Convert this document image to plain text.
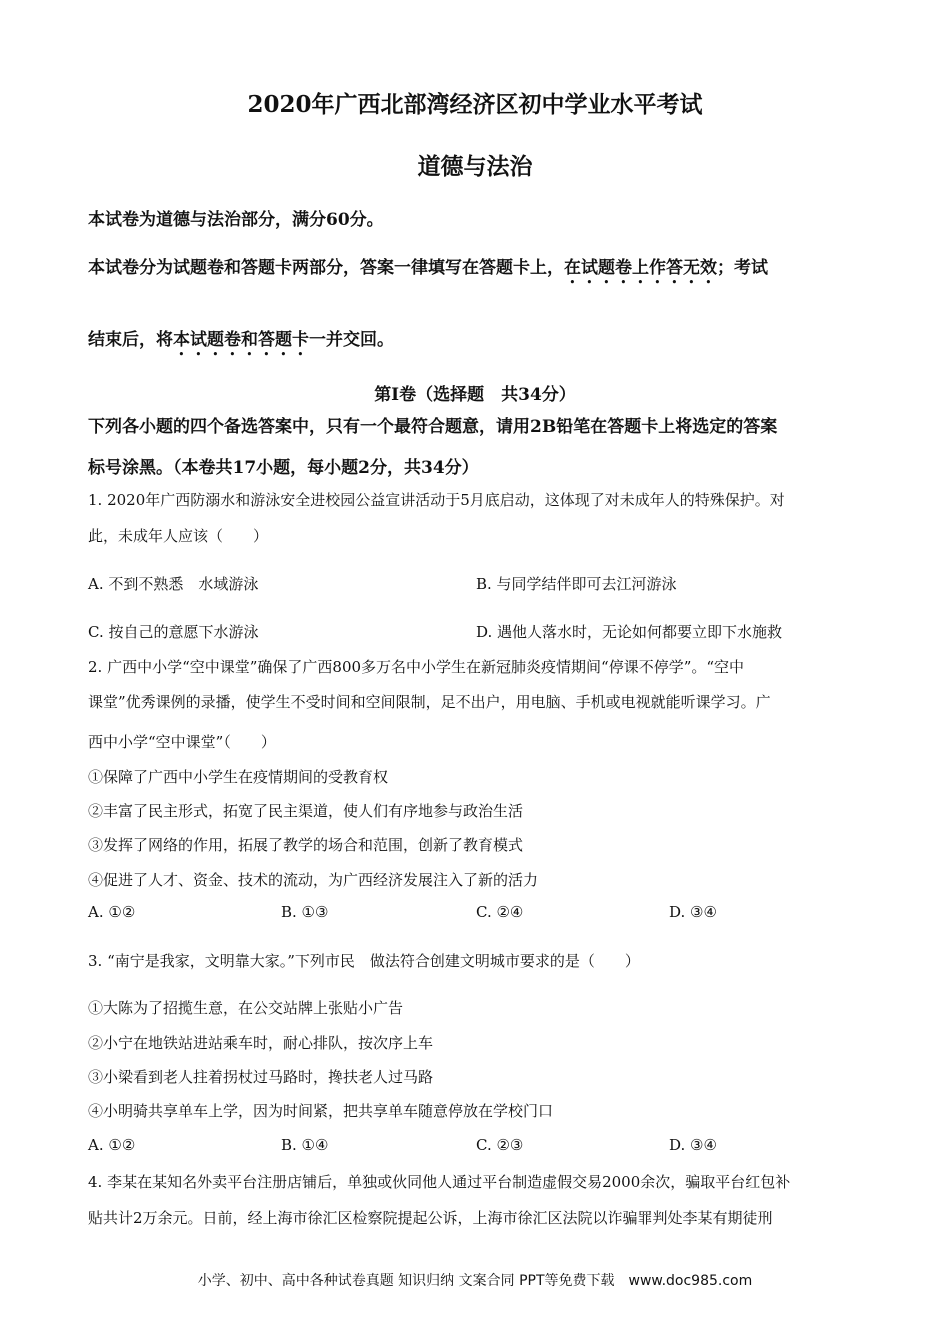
2020年广西北部湾经济区初中学业水平考试
道德与法治
本试卷为道德与法治部分，满分60分。
本试卷分为试题卷和答题卡两部分，答案一律填写在答题卡上，在试题卷上作答无效；考试
结束后，将本试题卷和答题卡一并交回。
第Ⅰ卷（选择题　共34分）
下列各小题的四个备选答案中，只有一个最符合题意，请用2B铅笔在答题卡上将选定的答案
标号涂黑。（本卷共17小题，每小题2分，共34分）
1. 2020年广西防溺水和游泳安全进校园公益宣讲活动于5月底启动，这体现了对未成年人的特殊保护。对
此，未成年人应该（　　）
A. 不到不熟悉　水域游泳	B. 与同学结伴即可去江河游泳
C. 按自己的意愿下水游泳	D. 遇他人落水时，无论如何都要立即下水施救
2. 广西中小学“空中课堂”确保了广西800多万名中小学生在新冠肺炎疫情期间“停课不停学”。“空中
课堂”优秀课例的录播，使学生不受时间和空间限制，足不出户，用电脑、手机或电视就能听课学习。广
西中小学“空中课堂”（　　）
①保障了广西中小学生在疫情期间的受教育权
②丰富了民主形式，拓宽了民主渠道，使人们有序地参与政治生活
③发挥了网络的作用，拓展了教学的场合和范围，创新了教育模式
④促进了人才、资金、技术的流动，为广西经济发展注入了新的活力
A. ①②	B. ①③	C. ②④	D. ③④
3. “南宁是我家，文明靠大家。”下列市民　做法符合创建文明城市要求的是（　　）
①大陈为了招揽生意，在公交站牌上张贴小广告
②小宁在地铁站进站乘车时，耐心排队，按次序上车
③小梁看到老人拄着拐杖过马路时，搀扶老人过马路
④小明骑共享单车上学，因为时间紧，把共享单车随意停放在学校门口
A. ①②	B. ①④	C. ②③	D. ③④
4. 李某在某知名外卖平台注册店铺后，单独或伙同他人通过平台制造虚假交易2000余次，骗取平台红包补
贴共计2万余元。日前，经上海市徐汇区检察院提起公诉，上海市徐汇区法院以诈骗罪判处李某有期徒刑
小学、初中、高中各种试卷真题 知识归纳 文案合同 PPT等免费下载　www.doc985.com
